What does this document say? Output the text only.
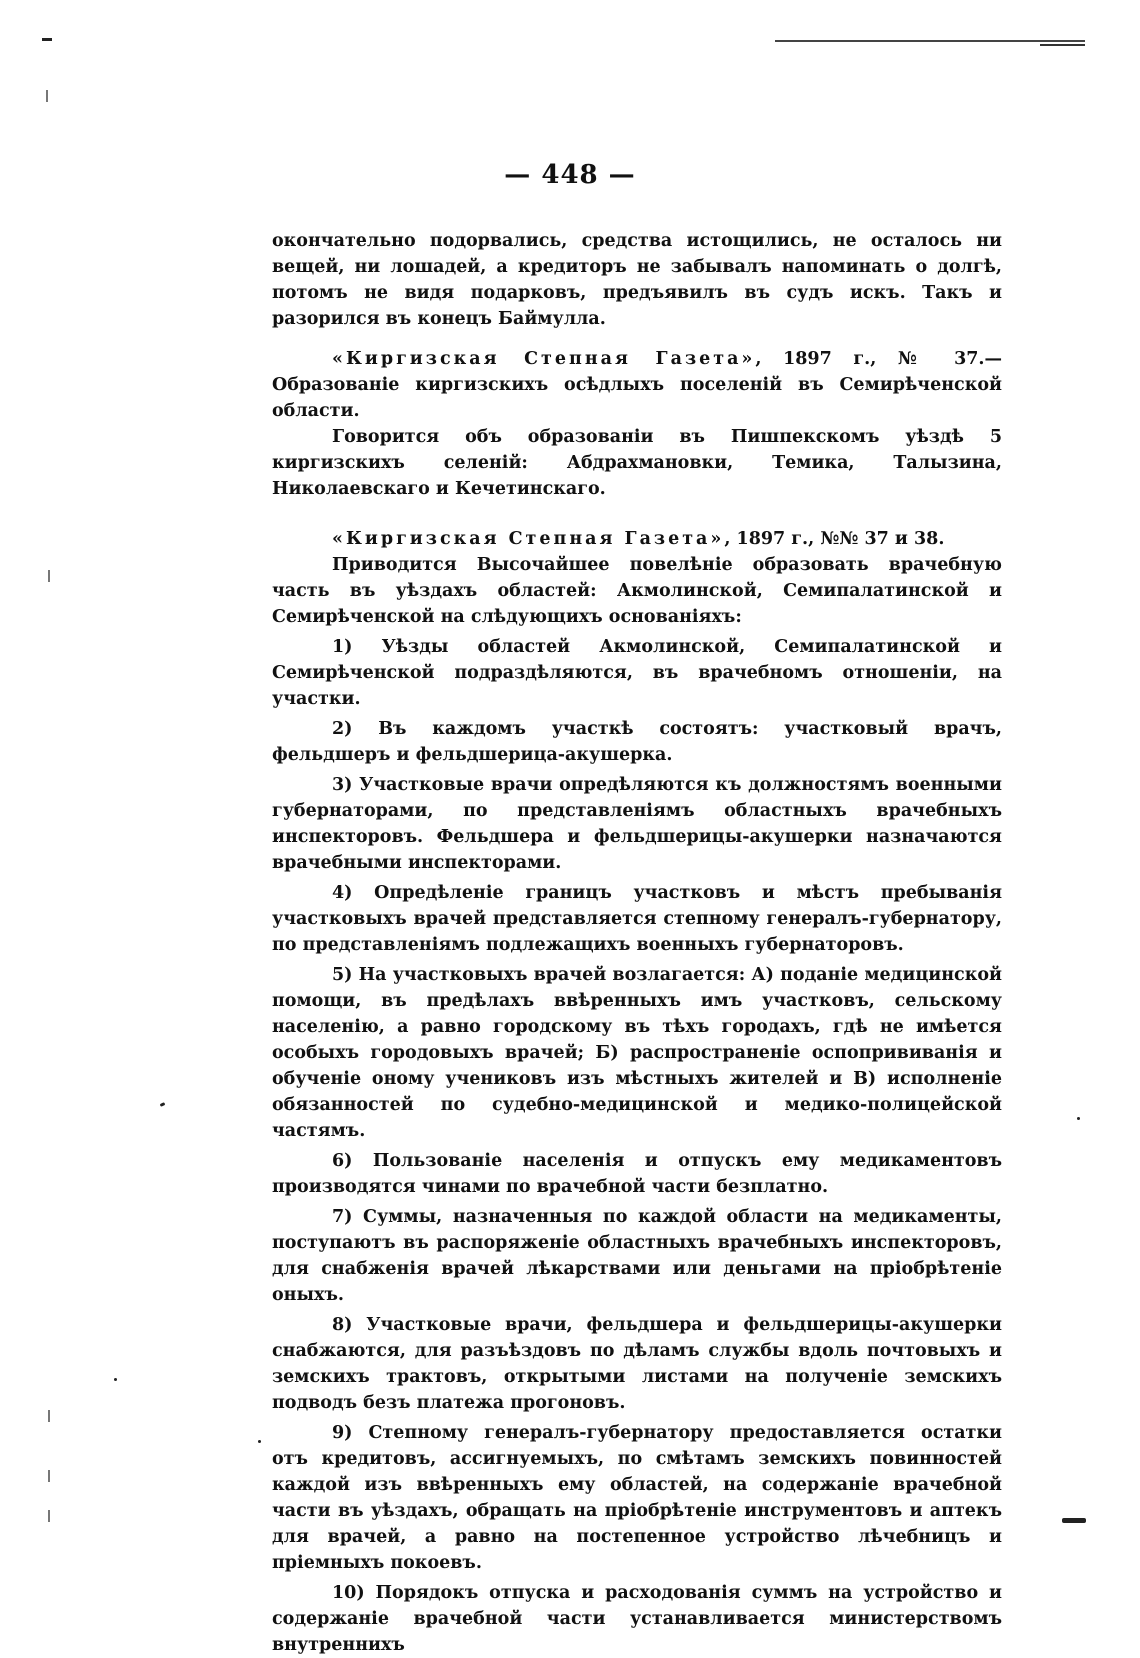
— 448 —

окончательно подорвались, средства истощились, не осталось ни вещей, ни лошадей, а кредиторъ не забывалъ напоминать о долгѣ, потомъ не видя подарковъ, предъявилъ въ судъ искъ. Такъ и разорился въ конецъ Баймулла.

«Киргизская Степная Газета», 1897 г., № 37.—Образованіе киргизскихъ осѣдлыхъ поселеній въ Семирѣченской области.

Говорится объ образованіи въ Пишпекскомъ уѣздѣ 5 киргизскихъ селеній: Абдрахмановки, Темика, Талызина, Николаевскаго и Кечетинскаго.

«Киргизская Степная Газета», 1897 г., №№ 37 и 38.

Приводится Высочайшее повелѣніе образовать врачебную часть въ уѣздахъ областей: Акмолинской, Семипалатинской и Семирѣченской на слѣдующихъ основаніяхъ:

1) Уѣзды областей Акмолинской, Семипалатинской и Семирѣченской подраздѣляются, въ врачебномъ отношеніи, на участки.

2) Въ каждомъ участкѣ состоятъ: участковый врачъ, фельдшеръ и фельдшерица-акушерка.

3) Участковые врачи опредѣляются къ должностямъ военными губернаторами, по представленіямъ областныхъ врачебныхъ инспекторовъ. Фельдшера и фельдшерицы-акушерки назначаются врачебными инспекторами.

4) Опредѣленіе границъ участковъ и мѣстъ пребыванія участковыхъ врачей представляется степному генералъ-губернатору, по представленіямъ подлежащихъ военныхъ губернаторовъ.

5) На участковыхъ врачей возлагается: А) поданіе медицинской помощи, въ предѣлахъ ввѣренныхъ имъ участковъ, сельскому населенію, а равно городскому въ тѣхъ городахъ, гдѣ не имѣется особыхъ городовыхъ врачей; Б) распространеніе оспопрививанія и обученіе оному учениковъ изъ мѣстныхъ жителей и В) исполненіе обязанностей по судебно-медицинской и медико-полицейской частямъ.

6) Пользованіе населенія и отпускъ ему медикаментовъ производятся чинами по врачебной части безплатно.

7) Суммы, назначенныя по каждой области на медикаменты, поступаютъ въ распоряженіе областныхъ врачебныхъ инспекторовъ, для снабженія врачей лѣкарствами или деньгами на пріобрѣтеніе оныхъ.

8) Участковые врачи, фельдшера и фельдшерицы-акушерки снабжаются, для разъѣздовъ по дѣламъ службы вдоль почтовыхъ и земскихъ трактовъ, открытыми листами на полученіе земскихъ подводъ безъ платежа прогоновъ.

9) Степному генералъ-губернатору предоставляется остатки отъ кредитовъ, ассигнуемыхъ, по смѣтамъ земскихъ повинностей каждой изъ ввѣренныхъ ему областей, на содержаніе врачебной части въ уѣздахъ, обращать на пріобрѣтеніе инструментовъ и аптекъ для врачей, а равно на постепенное устройство лѣчебницъ и пріемныхъ покоевъ.

10) Порядокъ отпуска и расходованія суммъ на устройство и содержаніе врачебной части устанавливается министерствомъ внутреннихъ
